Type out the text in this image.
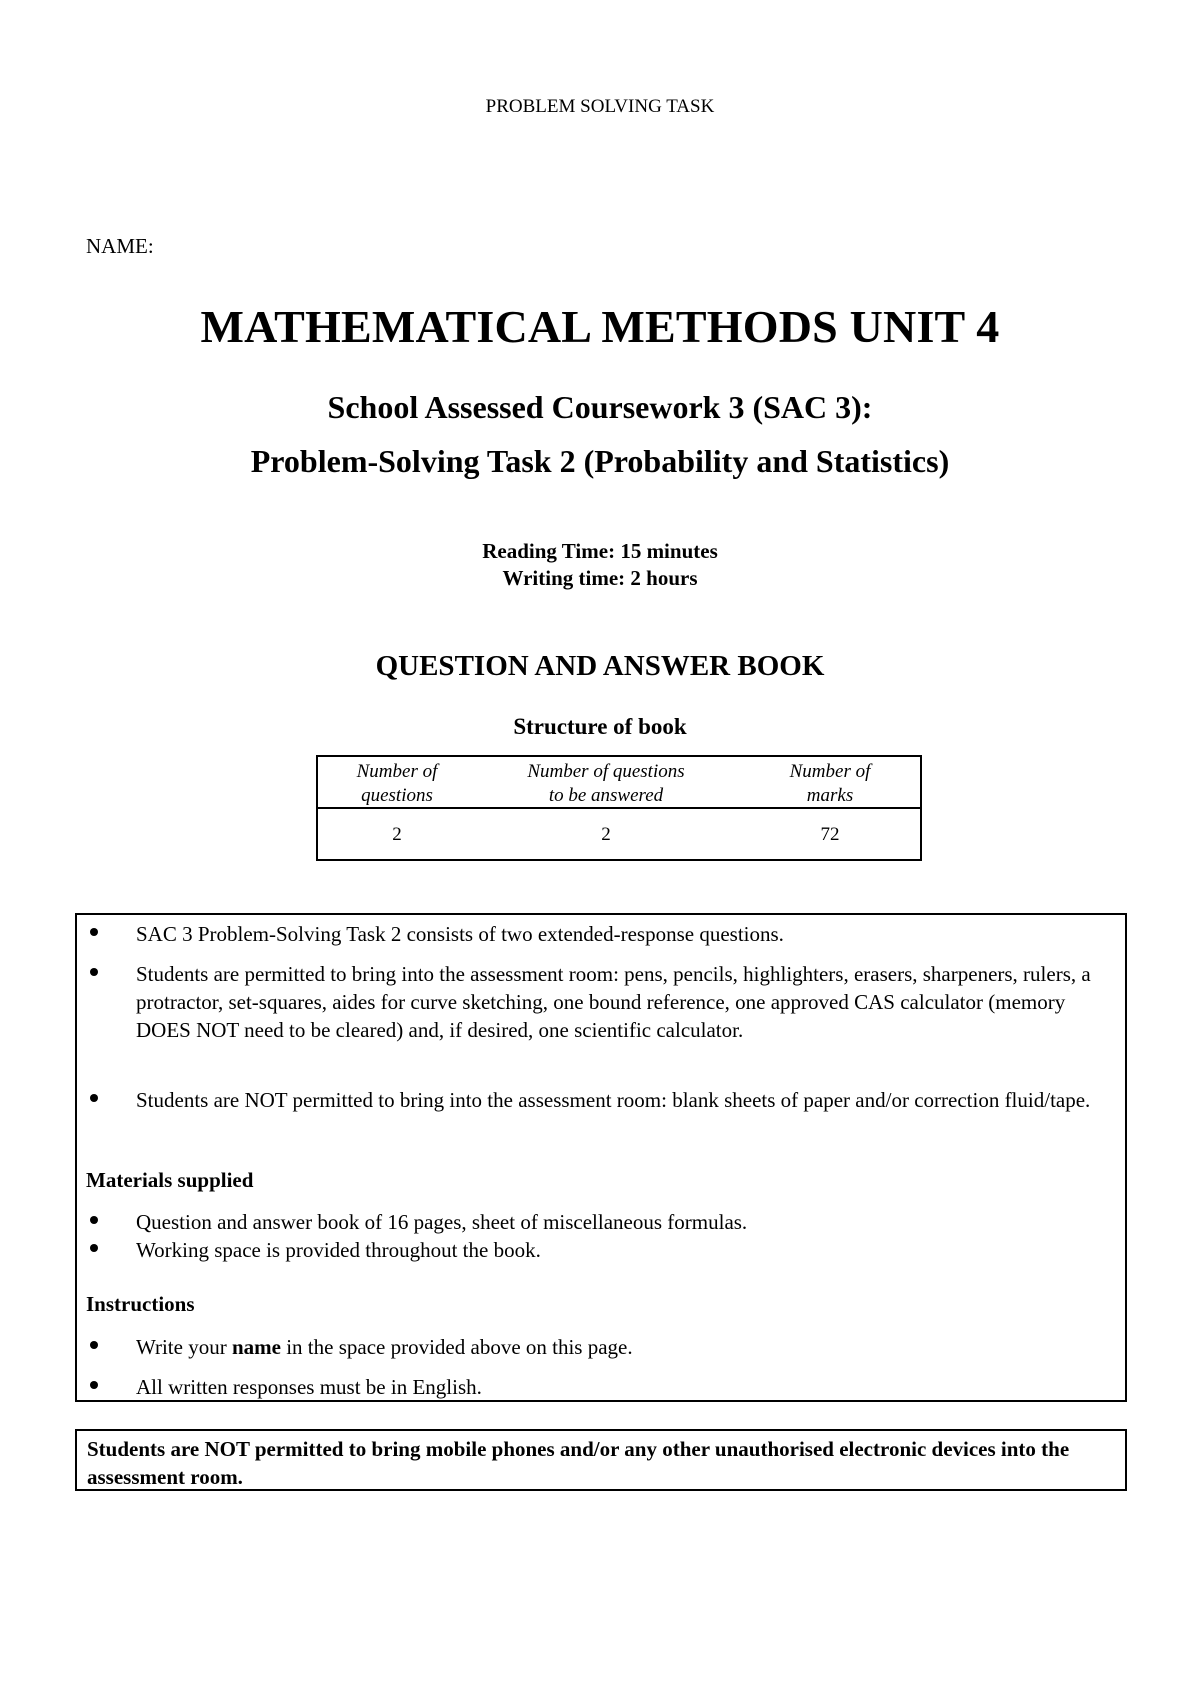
PROBLEM SOLVING TASK
NAME:
MATHEMATICAL METHODS UNIT 4
School Assessed Coursework 3 (SAC 3):
Problem-Solving Task 2 (Probability and Statistics)
Reading Time: 15 minutes
Writing time: 2 hours
QUESTION AND ANSWER BOOK
Structure of book
Number of
questions
Number of questions
to be answered
Number of
marks
2	2	72
SAC 3 Problem-Solving Task 2 consists of two extended-response questions.
Students are permitted to bring into the assessment room: pens, pencils, highlighters, erasers, sharpeners, rulers, a protractor, set-squares, aides for curve sketching, one bound reference, one approved CAS calculator (memory DOES NOT need to be cleared) and, if desired, one scientific calculator.
Students are NOT permitted to bring into the assessment room: blank sheets of paper and/or correction fluid/tape.
Materials supplied
Question and answer book of 16 pages, sheet of miscellaneous formulas.
Working space is provided throughout the book.
Instructions
Write your name in the space provided above on this page.
All written responses must be in English.
Students are NOT permitted to bring mobile phones and/or any other unauthorised electronic devices into the assessment room.
